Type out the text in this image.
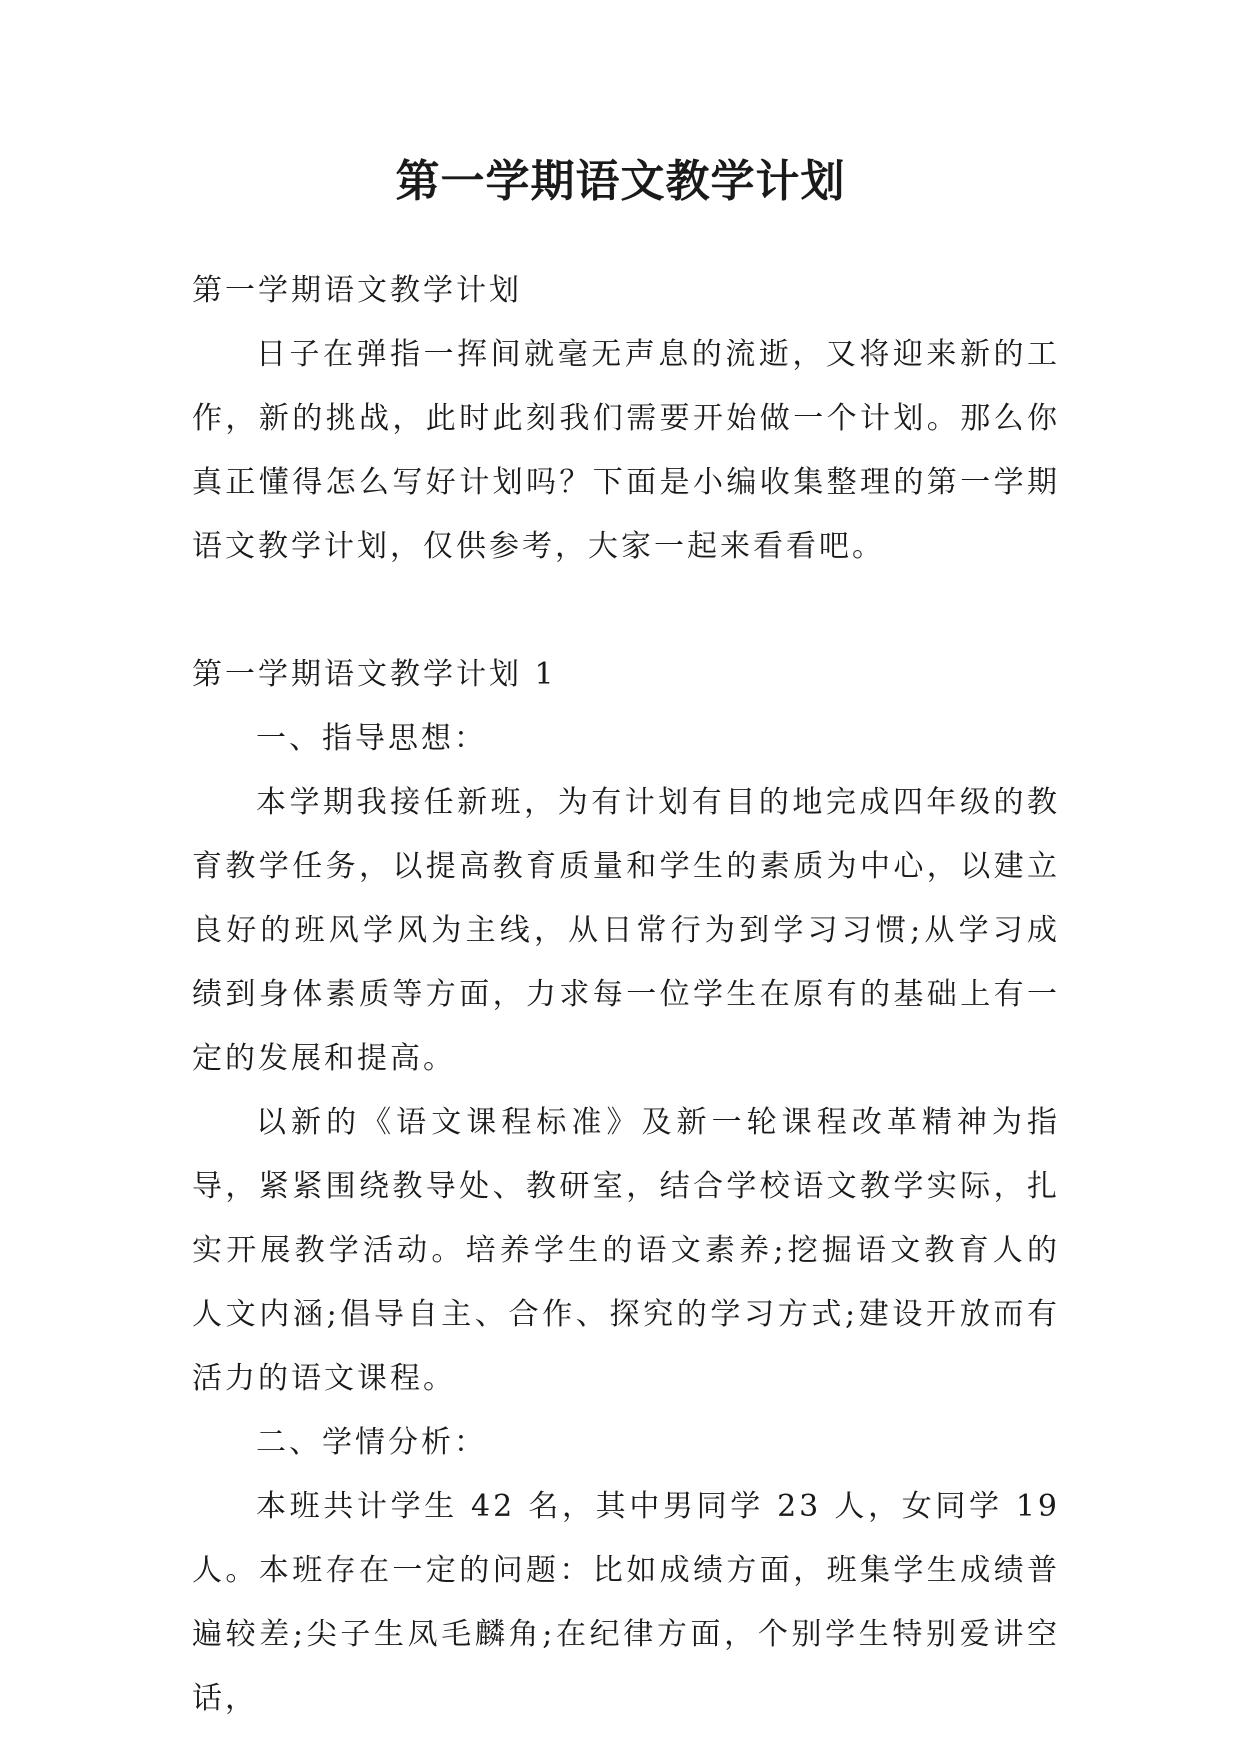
第一学期语文教学计划

第一学期语文教学计划

日子在弹指一挥间就毫无声息的流逝，又将迎来新的工作，新的挑战，此时此刻我们需要开始做一个计划。那么你真正懂得怎么写好计划吗？下面是小编收集整理的第一学期语文教学计划，仅供参考，大家一起来看看吧。

第一学期语文教学计划 1

一、指导思想：

本学期我接任新班，为有计划有目的地完成四年级的教育教学任务，以提高教育质量和学生的素质为中心，以建立良好的班风学风为主线，从日常行为到学习习惯;从学习成绩到身体素质等方面，力求每一位学生在原有的基础上有一定的发展和提高。

以新的《语文课程标准》及新一轮课程改革精神为指导，紧紧围绕教导处、教研室，结合学校语文教学实际，扎实开展教学活动。培养学生的语文素养;挖掘语文教育人的人文内涵;倡导自主、合作、探究的学习方式;建设开放而有活力的语文课程。

二、学情分析：

本班共计学生 42 名，其中男同学 23 人，女同学 19 人。本班存在一定的问题：比如成绩方面，班集学生成绩普遍较差;尖子生凤毛麟角;在纪律方面，个别学生特别爱讲空话，
